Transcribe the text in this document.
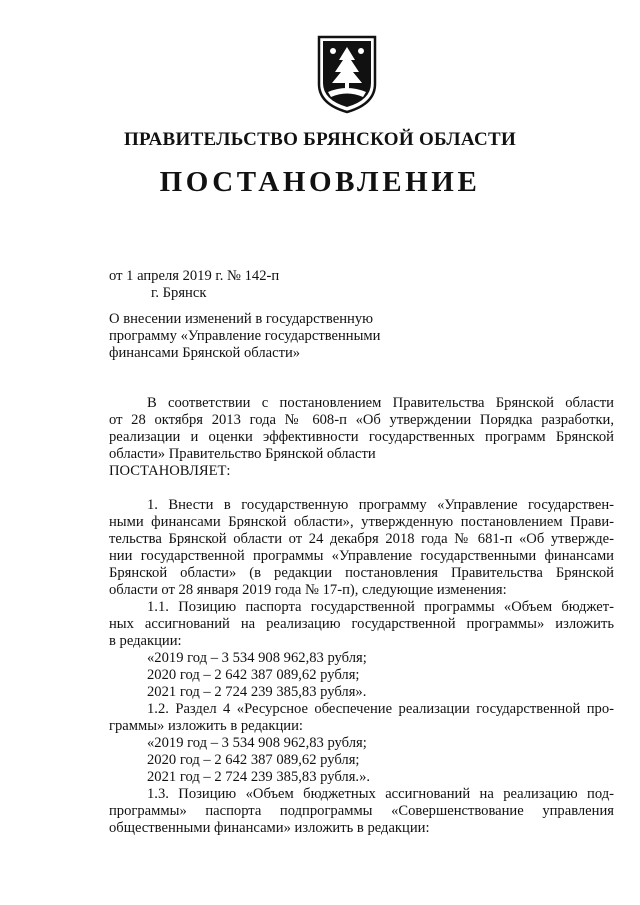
ПРАВИТЕЛЬСТВО БРЯНСКОЙ ОБЛАСТИ
ПОСТАНОВЛЕНИЕ
от 1 апреля 2019 г. № 142-п
г. Брянск
О внесении изменений в государственную
программу «Управление государственными
финансами Брянской области»
В соответствии с постановлением Правительства Брянской области
от 28 октября 2013 года № 608-п «Об утверждении Порядка разработки,
реализации и оценки эффективности государственных программ Брянской
области» Правительство Брянской области
ПОСТАНОВЛЯЕТ:
1. Внести в государственную программу «Управление государствен-
ными финансами Брянской области», утвержденную постановлением Прави-
тельства Брянской области от 24 декабря 2018 года № 681-п «Об утвержде-
нии государственной программы «Управление государственными финансами
Брянской области» (в редакции постановления Правительства Брянской
области от 28 января 2019 года № 17-п), следующие изменения:
1.1. Позицию паспорта государственной программы «Объем бюджет-
ных ассигнований на реализацию государственной программы» изложить
в редакции:
«2019 год – 3 534 908 962,83 рубля;
2020 год – 2 642 387 089,62 рубля;
2021 год – 2 724 239 385,83 рубля».
1.2. Раздел 4 «Ресурсное обеспечение реализации государственной про-
граммы» изложить в редакции:
«2019 год – 3 534 908 962,83 рубля;
2020 год – 2 642 387 089,62 рубля;
2021 год – 2 724 239 385,83 рубля.».
1.3. Позицию «Объем бюджетных ассигнований на реализацию под-
программы» паспорта подпрограммы «Совершенствование управления
общественными финансами» изложить в редакции:
